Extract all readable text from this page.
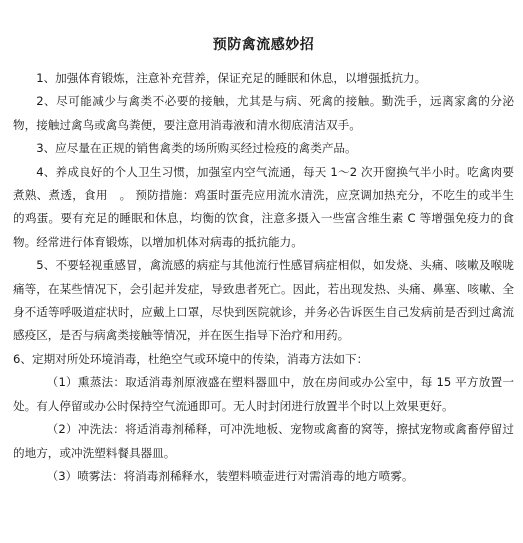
预防禽流感妙招

1、加强体育锻炼，注意补充营养，保证充足的睡眠和休息，以增强抵抗力。

2、尽可能减少与禽类不必要的接触，尤其是与病、死禽的接触。勤洗手，远离家禽的分泌物，接触过禽鸟或禽鸟粪便，要注意用消毒液和清水彻底清洁双手。

3、应尽量在正规的销售禽类的场所购买经过检疫的禽类产品。

4、养成良好的个人卫生习惯，加强室内空气流通，每天 1～2 次开窗换气半小时。吃禽肉要煮熟、煮透，食用　。 预防措施：鸡蛋时蛋壳应用流水清洗，应烹调加热充分，不吃生的或半生的鸡蛋。要有充足的睡眠和休息，均衡的饮食，注意多摄入一些富含维生素 C 等增强免疫力的食物。经常进行体育锻炼，以增加机体对病毒的抵抗能力。

5、不要轻视重感冒，禽流感的病症与其他流行性感冒病症相似，如发烧、头痛、咳嗽及喉咙痛等，在某些情况下，会引起并发症，导致患者死亡。因此，若出现发热、头痛、鼻塞、咳嗽、全身不适等呼吸道症状时，应戴上口罩，尽快到医院就诊，并务必告诉医生自己发病前是否到过禽流感疫区，是否与病禽类接触等情况，并在医生指导下治疗和用药。

6、定期对所处环境消毒，杜绝空气或环境中的传染，消毒方法如下：

（1）熏蒸法：取适消毒剂原液盛在塑料器皿中，放在房间或办公室中，每 15 平方放置一处。有人停留或办公时保持空气流通即可。无人时封闭进行放置半个时以上效果更好。

（2）冲洗法：将适消毒剂稀释，可冲洗地板、宠物或禽畜的窝等，擦拭宠物或禽畜停留过的地方，或冲洗塑料餐具器皿。

（3）喷雾法：将消毒剂稀释水，装塑料喷壶进行对需消毒的地方喷雾。
